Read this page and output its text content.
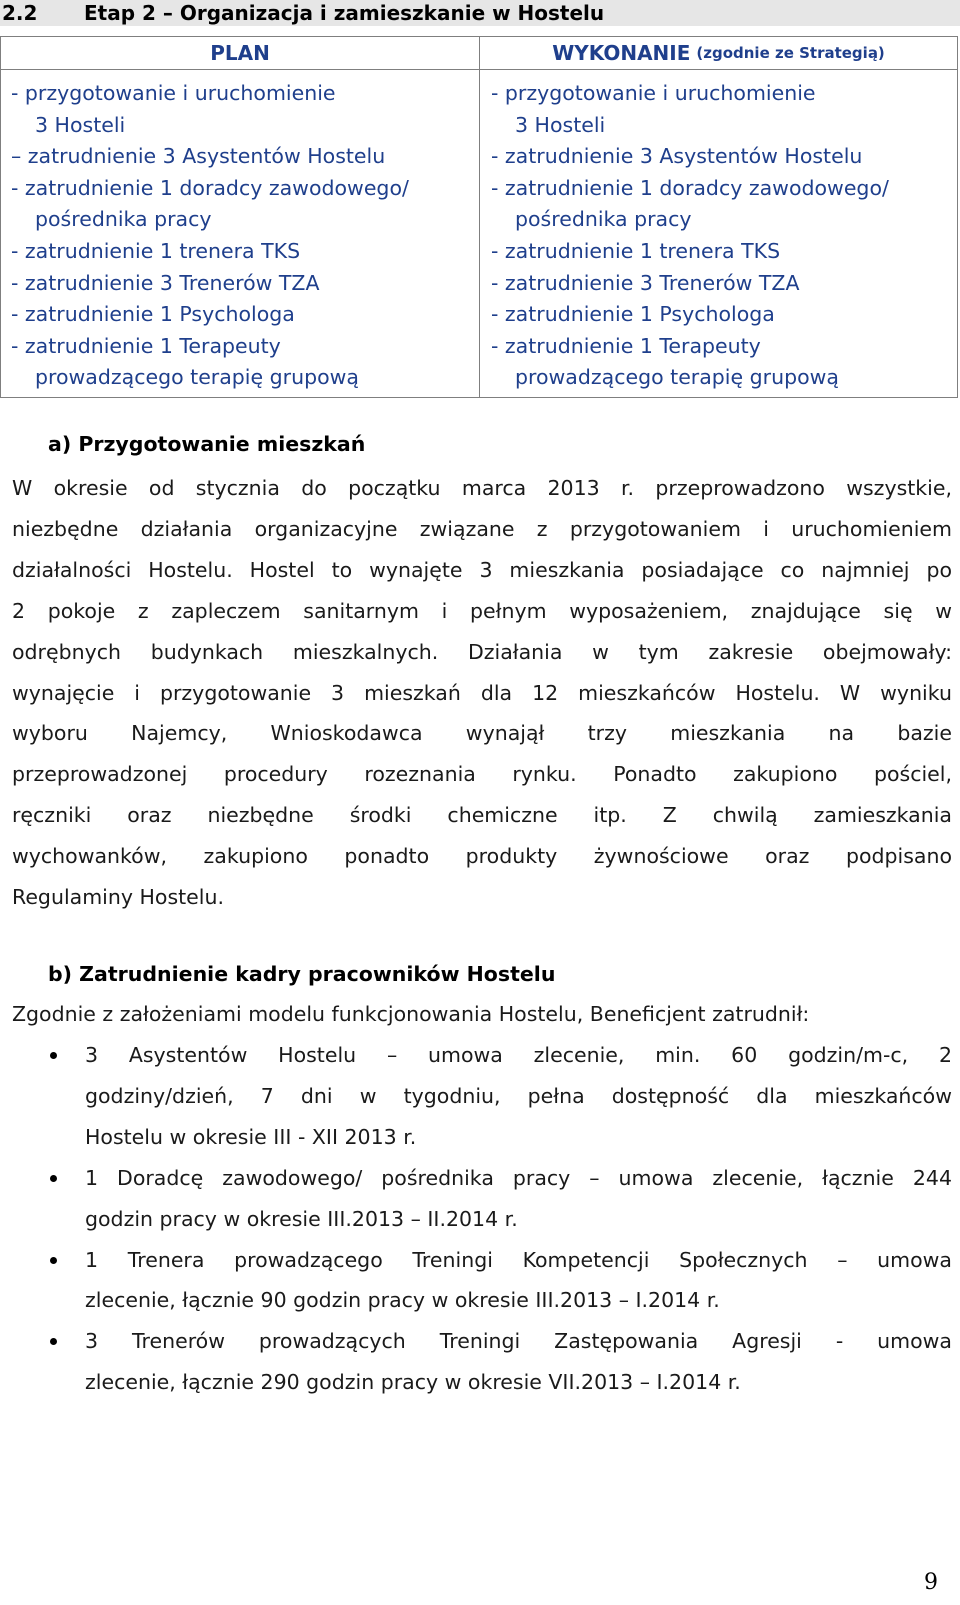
2.2	Etap 2 – Organizacja i zamieszkanie w Hostelu
PLAN
- przygotowanie i uruchomienie
3 Hosteli
– zatrudnienie 3 Asystentów Hostelu
- zatrudnienie 1 doradcy zawodowego/
pośrednika pracy
- zatrudnienie 1 trenera TKS
- zatrudnienie 3 Trenerów TZA
- zatrudnienie 1 Psychologa
- zatrudnienie 1 Terapeuty
prowadzącego terapię grupową
WYKONANIE (zgodnie ze Strategią)
- przygotowanie i uruchomienie
3 Hosteli
- zatrudnienie 3 Asystentów Hostelu
- zatrudnienie 1 doradcy zawodowego/
pośrednika pracy
- zatrudnienie 1 trenera TKS
- zatrudnienie 3 Trenerów TZA
- zatrudnienie 1 Psychologa
- zatrudnienie 1 Terapeuty
prowadzącego terapię grupową
a) Przygotowanie mieszkań
W okresie od stycznia do początku marca 2013 r. przeprowadzono wszystkie,
niezbędne działania organizacyjne związane z przygotowaniem i uruchomieniem
działalności Hostelu. Hostel to wynajęte 3 mieszkania posiadające co najmniej po
2 pokoje z zapleczem sanitarnym i pełnym wyposażeniem, znajdujące się w
odrębnych budynkach mieszkalnych. Działania w tym zakresie obejmowały:
wynajęcie i przygotowanie 3 mieszkań dla 12 mieszkańców Hostelu. W wyniku
wyboru Najemcy, Wnioskodawca wynajął trzy mieszkania na bazie
przeprowadzonej procedury rozeznania rynku. Ponadto zakupiono pościel,
ręczniki oraz niezbędne środki chemiczne itp. Z chwilą zamieszkania
wychowanków, zakupiono ponadto produkty żywnościowe oraz podpisano
Regulaminy Hostelu.
b) Zatrudnienie kadry pracowników Hostelu
Zgodnie z założeniami modelu funkcjonowania Hostelu, Beneficjent zatrudnił:
3 Asystentów Hostelu – umowa zlecenie, min. 60 godzin/m-c, 2
godziny/dzień, 7 dni w tygodniu, pełna dostępność dla mieszkańców
Hostelu w okresie III - XII 2013 r.
1 Doradcę zawodowego/ pośrednika pracy – umowa zlecenie, łącznie 244
godzin pracy w okresie III.2013 – II.2014 r.
1 Trenera prowadzącego Treningi Kompetencji Społecznych – umowa
zlecenie, łącznie 90 godzin pracy w okresie III.2013 – I.2014 r.
3 Trenerów prowadzących Treningi Zastępowania Agresji - umowa
zlecenie, łącznie 290 godzin pracy w okresie VII.2013 – I.2014 r.
9
